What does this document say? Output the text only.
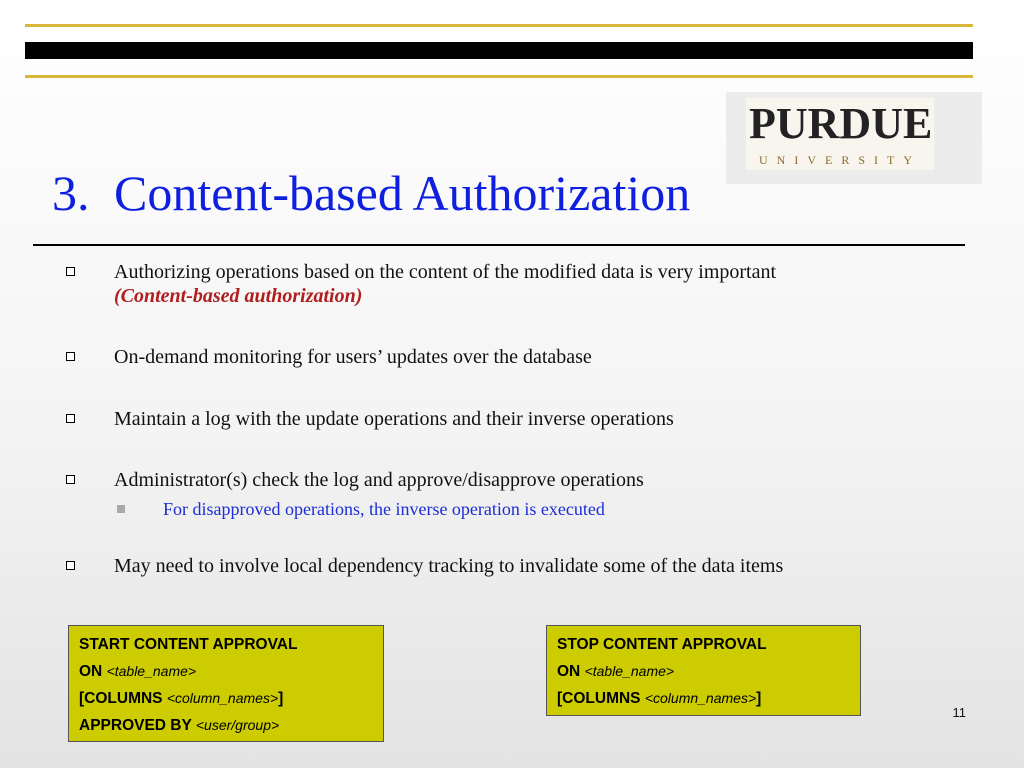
PURDUE
UNIVERSITY
3. Content-based Authorization
Authorizing operations based on the content of the modified data is very important
(Content-based authorization)
On-demand monitoring for users’ updates over the database
Maintain a log with the update operations and their inverse operations
Administrator(s) check the log and approve/disapprove operations
For disapproved operations, the inverse operation is executed
May need to involve local dependency tracking to invalidate some of the data items
START CONTENT APPROVAL
ON <table_name>
[COLUMNS <column_names>]
APPROVED BY <user/group>
STOP CONTENT APPROVAL
ON <table_name>
[COLUMNS <column_names>]
11
